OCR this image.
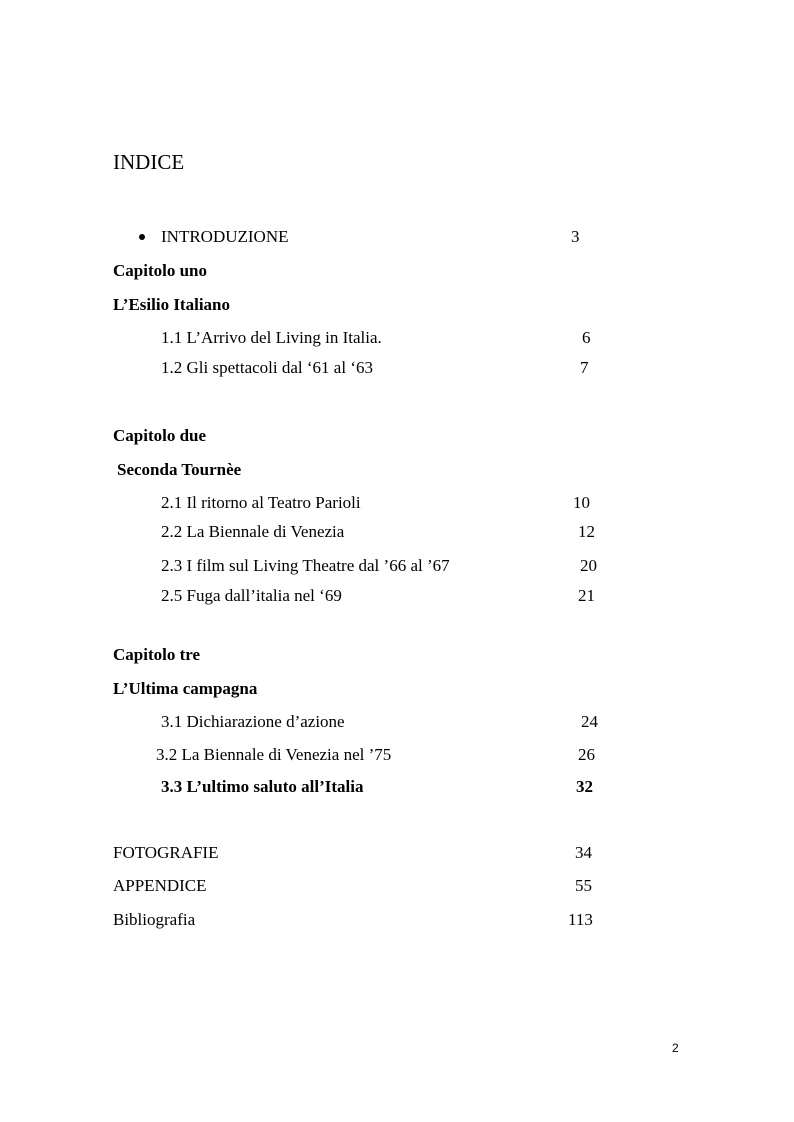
INDICE
INTRODUZIONE	3
Capitolo uno
L’Esilio Italiano
1.1 L’Arrivo del Living in Italia.	6
1.2 Gli spettacoli dal ‘61 al ‘63	7
Capitolo due
Seconda Tournèe
2.1 Il ritorno al Teatro Parioli	10
2.2 La Biennale di Venezia	12
2.3 I film sul Living Theatre dal ’66 al ’67	20
2.5 Fuga dall’italia nel ‘69	21
Capitolo tre
L’Ultima campagna
3.1 Dichiarazione d’azione	24
3.2 La Biennale di Venezia nel ’75	26
3.3 L’ultimo saluto all’Italia	32
FOTOGRAFIE	34
APPENDICE	55
Bibliografia	113
2
